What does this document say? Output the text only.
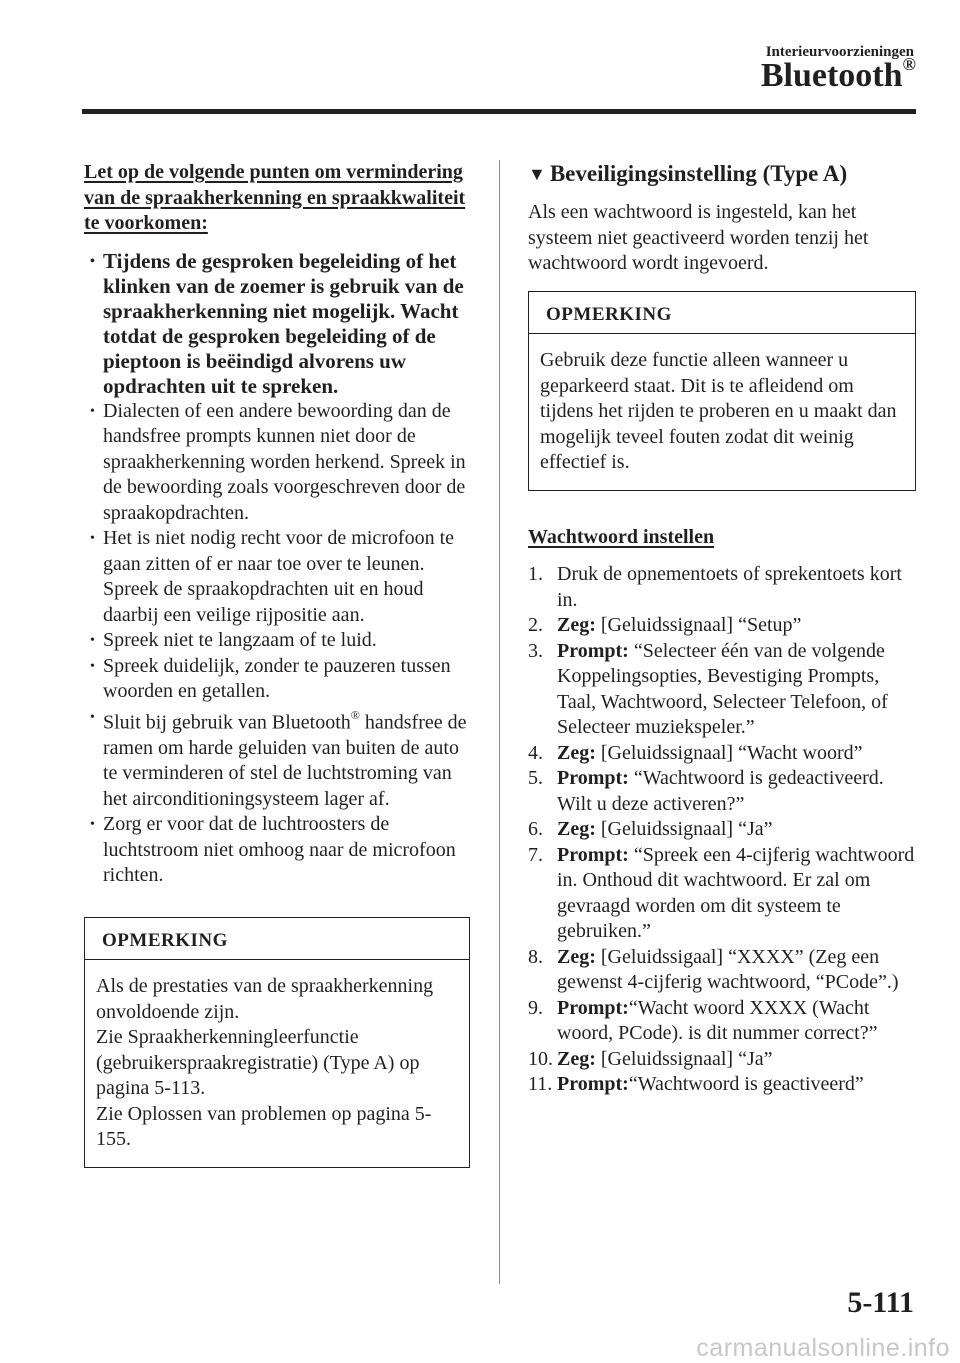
Interieurvoorzieningen
Bluetooth®
Let op de volgende punten om vermindering van de spraakherkenning en spraakkwaliteit te voorkomen:
• Tijdens de gesproken begeleiding of het klinken van de zoemer is gebruik van de spraakherkenning niet mogelijk. Wacht totdat de gesproken begeleiding of de pieptoon is beëindigd alvorens uw opdrachten uit te spreken.
• Dialecten of een andere bewoording dan de handsfree prompts kunnen niet door de spraakherkenning worden herkend. Spreek in de bewoording zoals voorgeschreven door de spraakopdrachten.
• Het is niet nodig recht voor de microfoon te gaan zitten of er naar toe over te leunen. Spreek de spraakopdrachten uit en houd daarbij een veilige rijpositie aan.
• Spreek niet te langzaam of te luid.
• Spreek duidelijk, zonder te pauzeren tussen woorden en getallen.
• Sluit bij gebruik van Bluetooth® handsfree de ramen om harde geluiden van buiten de auto te verminderen of stel de luchtstroming van het airconditioningsysteem lager af.
• Zorg er voor dat de luchtroosters de luchtstroom niet omhoog naar de microfoon richten.
OPMERKING
Als de prestaties van de spraakherkenning onvoldoende zijn.
Zie Spraakherkenningleerfunctie (gebruikerspraakregistratie) (Type A) op pagina 5-113.
Zie Oplossen van problemen op pagina 5-155.
▼ Beveiligingsinstelling (Type A)
Als een wachtwoord is ingesteld, kan het systeem niet geactiveerd worden tenzij het wachtwoord wordt ingevoerd.
OPMERKING
Gebruik deze functie alleen wanneer u geparkeerd staat. Dit is te afleidend om tijdens het rijden te proberen en u maakt dan mogelijk teveel fouten zodat dit weinig effectief is.
Wachtwoord instellen
1. Druk de opnementoets of sprekentoets kort in.
2. Zeg: [Geluidssignaal] “Setup”
3. Prompt: “Selecteer één van de volgende Koppelingsopties, Bevestiging Prompts, Taal, Wachtwoord, Selecteer Telefoon, of Selecteer muziekspeler.”
4. Zeg: [Geluidssignaal] “Wacht woord”
5. Prompt: “Wachtwoord is gedeactiveerd. Wilt u deze activeren?”
6. Zeg: [Geluidssignaal] “Ja”
7. Prompt: “Spreek een 4-cijferig wachtwoord in. Onthoud dit wachtwoord. Er zal om gevraagd worden om dit systeem te gebruiken.”
8. Zeg: [Geluidssigaal] “XXXX” (Zeg een gewenst 4-cijferig wachtwoord, “PCode”.)
9. Prompt:“Wacht woord XXXX (Wacht woord, PCode). is dit nummer correct?”
10. Zeg: [Geluidssignaal] “Ja”
11. Prompt:“Wachtwoord is geactiveerd”
5-111
carmanualsonline.info
